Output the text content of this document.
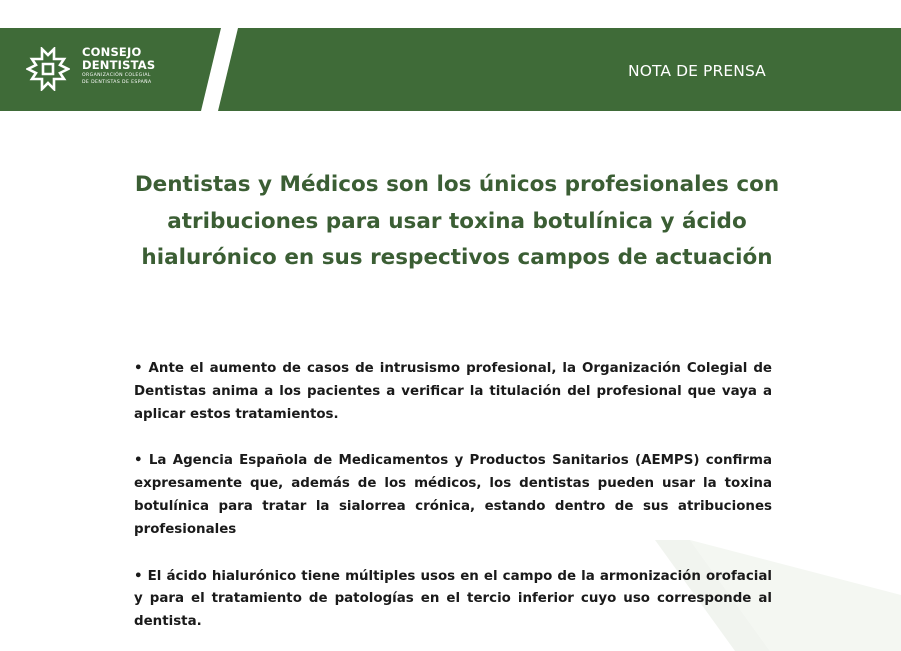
CONSEJO
DENTISTAS
ORGANIZACIÓN COLEGIAL
DE DENTISTAS DE ESPAÑA
NOTA DE PRENSA
Dentistas y Médicos son los únicos profesionales con atribuciones para usar toxina botulínica y ácido hialurónico en sus respectivos campos de actuación
• Ante el aumento de casos de intrusismo profesional, la Organización Colegial de Dentistas anima a los pacientes a verificar la titulación del profesional que vaya a aplicar estos tratamientos.
• La Agencia Española de Medicamentos y Productos Sanitarios (AEMPS) confirma expresamente que, además de los médicos, los dentistas pueden usar la toxina botulínica para tratar la sialorrea crónica, estando dentro de sus atribuciones profesionales
• El ácido hialurónico tiene múltiples usos en el campo de la armonización orofacial y para el tratamiento de patologías en el tercio inferior cuyo uso corresponde al dentista.
